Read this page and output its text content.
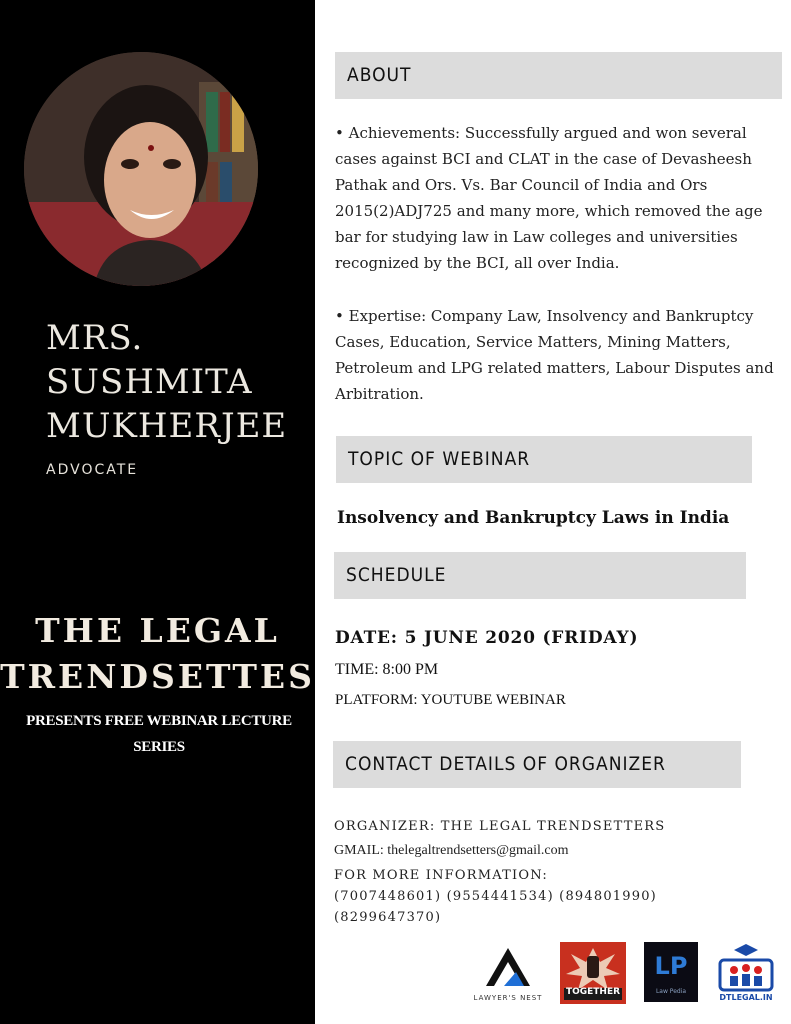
MRS.
SUSHMITA
MUKHERJEE
ADVOCATE
THE LEGAL
TRENDSETTES
PRESENTS FREE WEBINAR LECTURE SERIES
ABOUT
• Achievements: Successfully argued and won several cases against BCI and CLAT in the case of Devasheesh Pathak and Ors. Vs. Bar Council of India and Ors 2015(2)ADJ725 and many more, which removed the age bar for studying law in Law colleges and universities recognized by the BCI, all over India.
• Expertise: Company Law, Insolvency and Bankruptcy Cases, Education, Service Matters, Mining Matters, Petroleum and LPG related matters, Labour Disputes and Arbitration.
TOPIC OF WEBINAR
Insolvency and Bankruptcy Laws in India
SCHEDULE
DATE: 5 JUNE 2020 (FRIDAY)
TIME: 8:00 PM
PLATFORM: YOUTUBE WEBINAR
CONTACT DETAILS OF ORGANIZER
ORGANIZER: THE LEGAL TRENDSETTERS
GMAIL: thelegaltrendsetters@gmail.com
FOR MORE INFORMATION:
(7007448601) (9554441534) (894801990)
(8299647370)
LAWYER'S NEST
TOGETHER
LP
Law Pedia
DTLEGAL.IN
